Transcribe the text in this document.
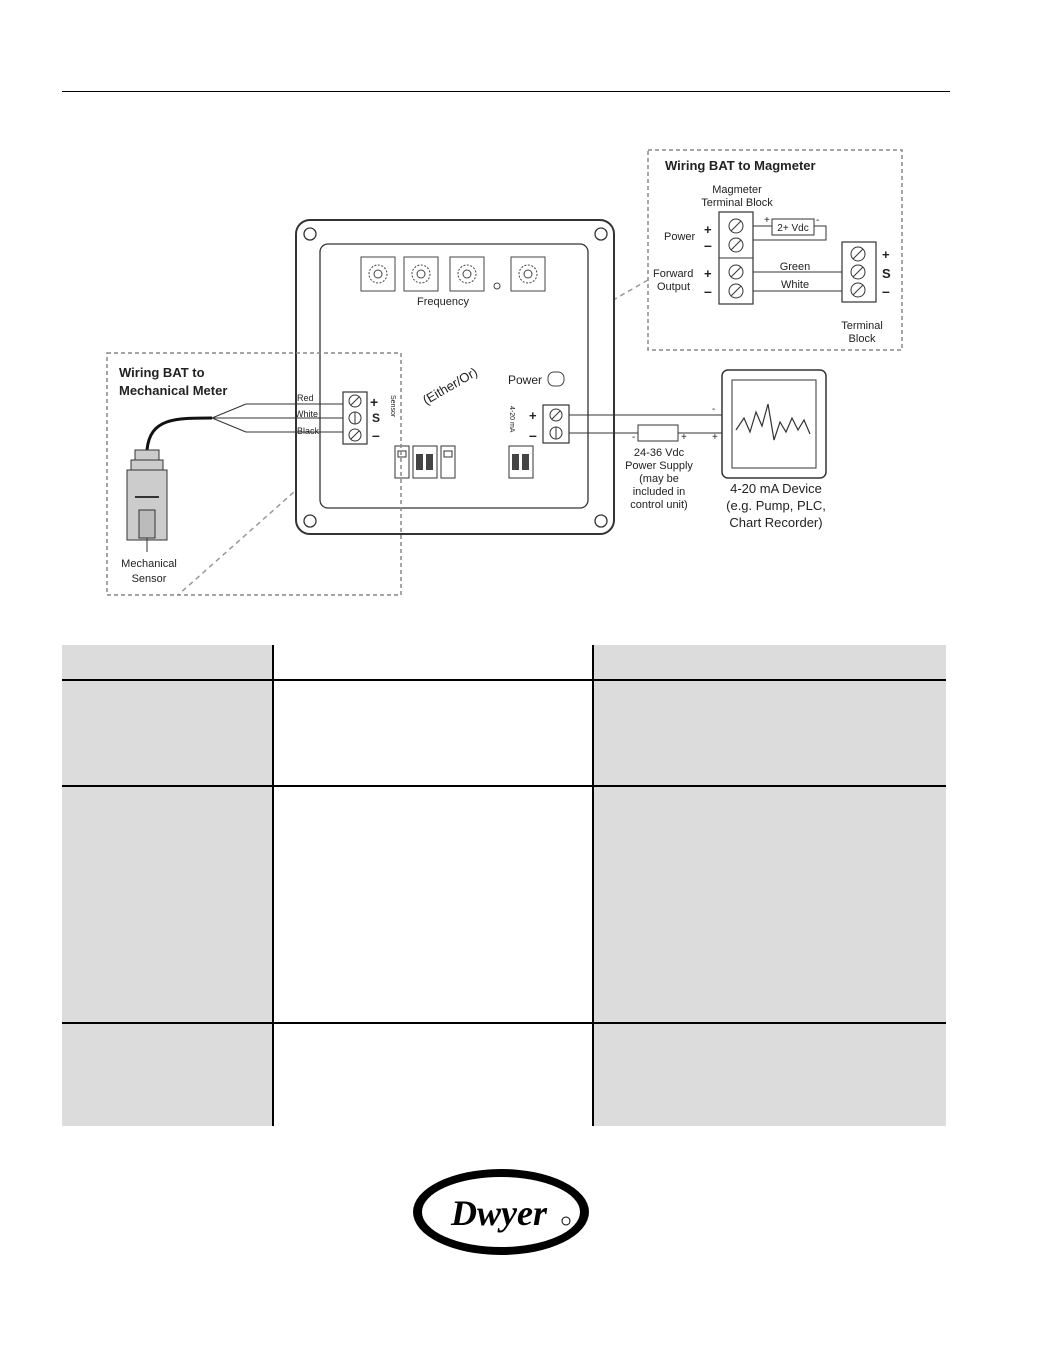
Wiring BAT to Magmeter
Magmeter
Terminal Block
Power +
–
Forward
Output
+
–
2+ Vdc
+	-
Green
White
+
S
–
Terminal
Block
Frequency
(Either/Or) Power
+
S
–
Sensor	+
–
4-20 mA
Wiring BAT to
Mechanical Meter	Red
White
Black
Mechanical
Sensor
-	+
-
+
24-36 Vdc
Power Supply
(may be
included in
control unit)
4-20 mA Device
(e.g. Pump, PLC,
Chart Recorder)
Dwyer
